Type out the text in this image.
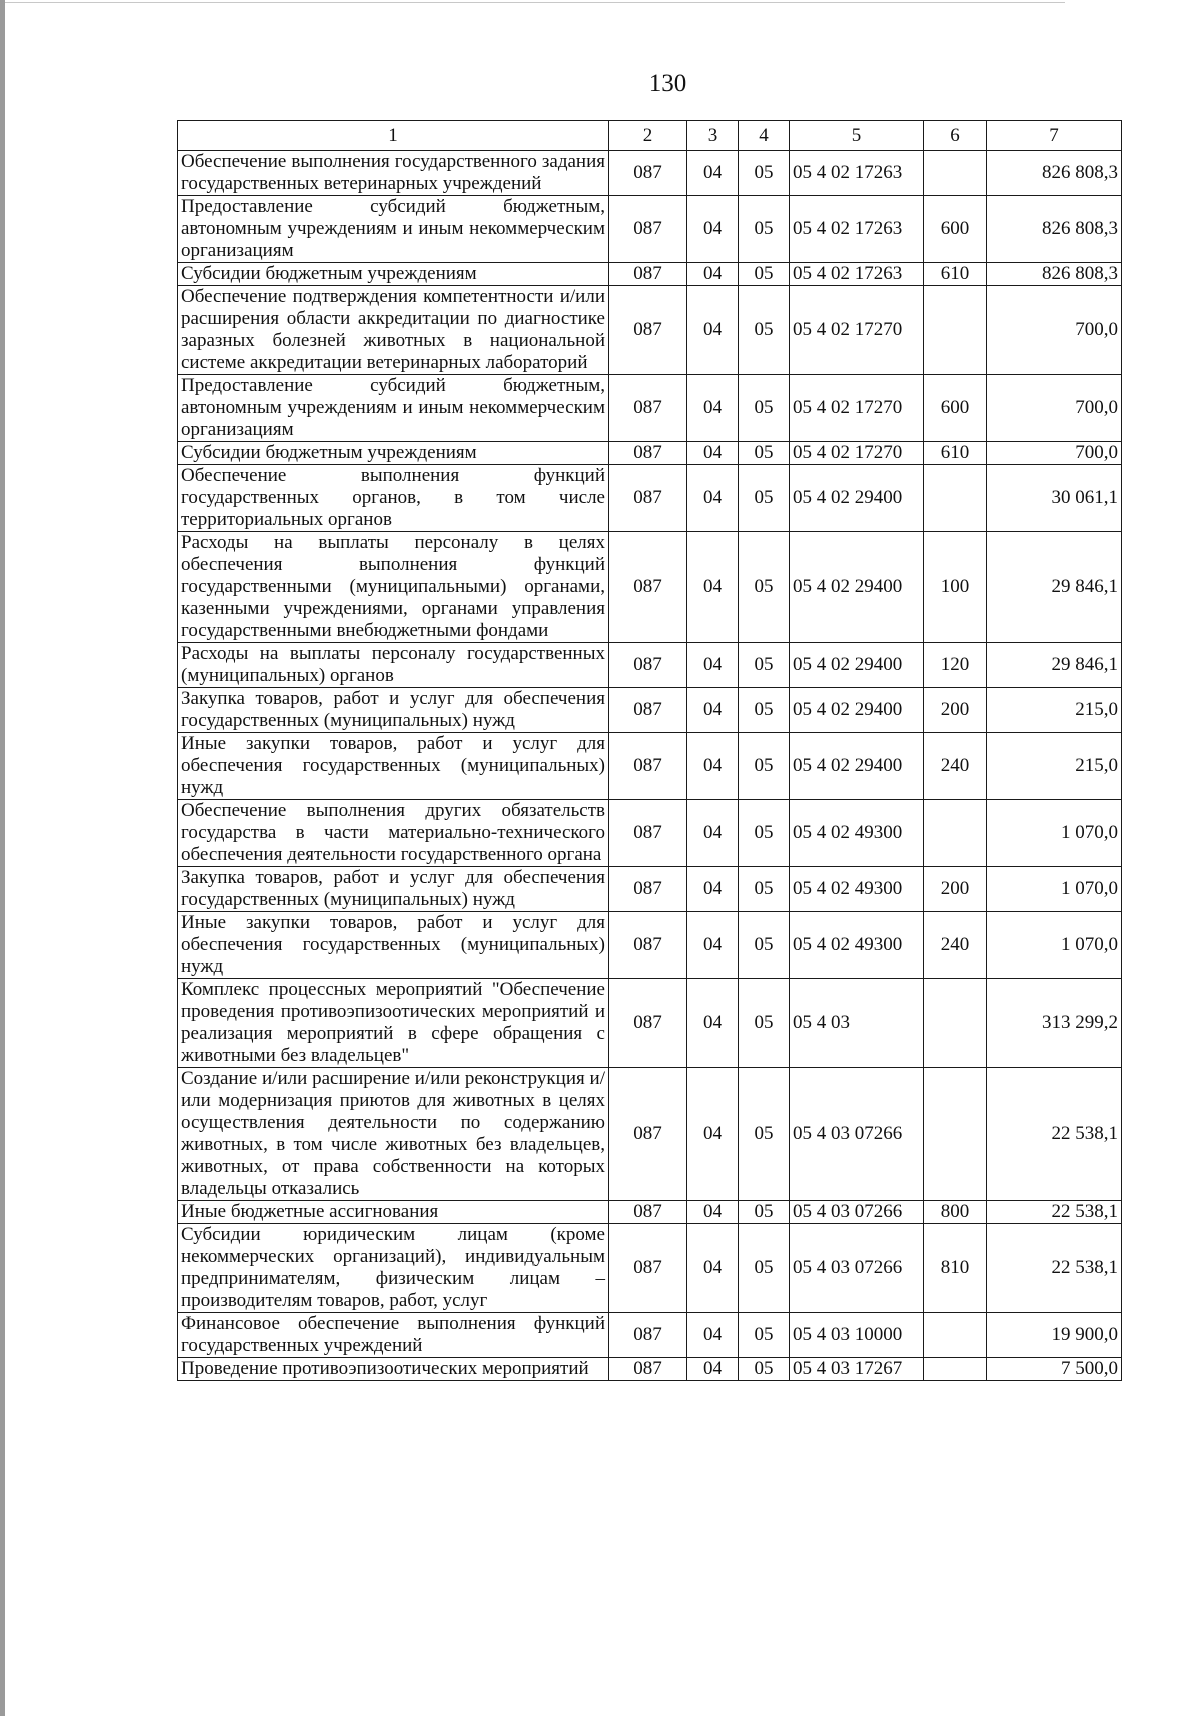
130
1	2	3	4	5	6	7
Обеспечение выполнения государственного задания государственных ветеринарных учреждений	087	04	05	05 4 02 17263		826 808,3
Предоставление субсидий бюджетным, автономным учреждениям и иным некоммерческим организациям	087	04	05	05 4 02 17263	600	826 808,3
Субсидии бюджетным учреждениям	087	04	05	05 4 02 17263	610	826 808,3
Обеспечение подтверждения компетентности и/или расширения области аккредитации по диагностике заразных болезней животных в национальной системе аккредитации ветеринарных лабораторий	087	04	05	05 4 02 17270		700,0
Предоставление субсидий бюджетным, автономным учреждениям и иным некоммерческим организациям	087	04	05	05 4 02 17270	600	700,0
Субсидии бюджетным учреждениям	087	04	05	05 4 02 17270	610	700,0
Обеспечение выполнения функций государственных органов, в том числе территориальных органов	087	04	05	05 4 02 29400		30 061,1
Расходы на выплаты персоналу в целях обеспечения выполнения функций государственными (муниципальными) органами, казенными учреждениями, органами управления государственными внебюджетными фондами	087	04	05	05 4 02 29400	100	29 846,1
Расходы на выплаты персоналу государственных (муниципальных) органов	087	04	05	05 4 02 29400	120	29 846,1
Закупка товаров, работ и услуг для обеспечения государственных (муниципальных) нужд	087	04	05	05 4 02 29400	200	215,0
Иные закупки товаров, работ и услуг для обеспечения государственных (муниципальных) нужд	087	04	05	05 4 02 29400	240	215,0
Обеспечение выполнения других обязательств государства в части материально-технического обеспечения деятельности государственного органа	087	04	05	05 4 02 49300		1 070,0
Закупка товаров, работ и услуг для обеспечения государственных (муниципальных) нужд	087	04	05	05 4 02 49300	200	1 070,0
Иные закупки товаров, работ и услуг для обеспечения государственных (муниципальных) нужд	087	04	05	05 4 02 49300	240	1 070,0
Комплекс процессных мероприятий "Обеспечение проведения противоэпизоотических мероприятий и реализация мероприятий в сфере обращения с животными без владельцев"	087	04	05	05 4 03		313 299,2
Создание и/или расширение и/или реконструкция и/или модернизация приютов для животных в целях осуществления деятельности по содержанию животных, в том числе животных без владельцев, животных, от права собственности на которых владельцы отказались	087	04	05	05 4 03 07266		22 538,1
Иные бюджетные ассигнования	087	04	05	05 4 03 07266	800	22 538,1
Субсидии юридическим лицам (кроме некоммерческих организаций), индивидуальным предпринимателям, физическим лицам – производителям товаров, работ, услуг	087	04	05	05 4 03 07266	810	22 538,1
Финансовое обеспечение выполнения функций государственных учреждений	087	04	05	05 4 03 10000		19 900,0
Проведение противоэпизоотических мероприятий	087	04	05	05 4 03 17267		7 500,0
